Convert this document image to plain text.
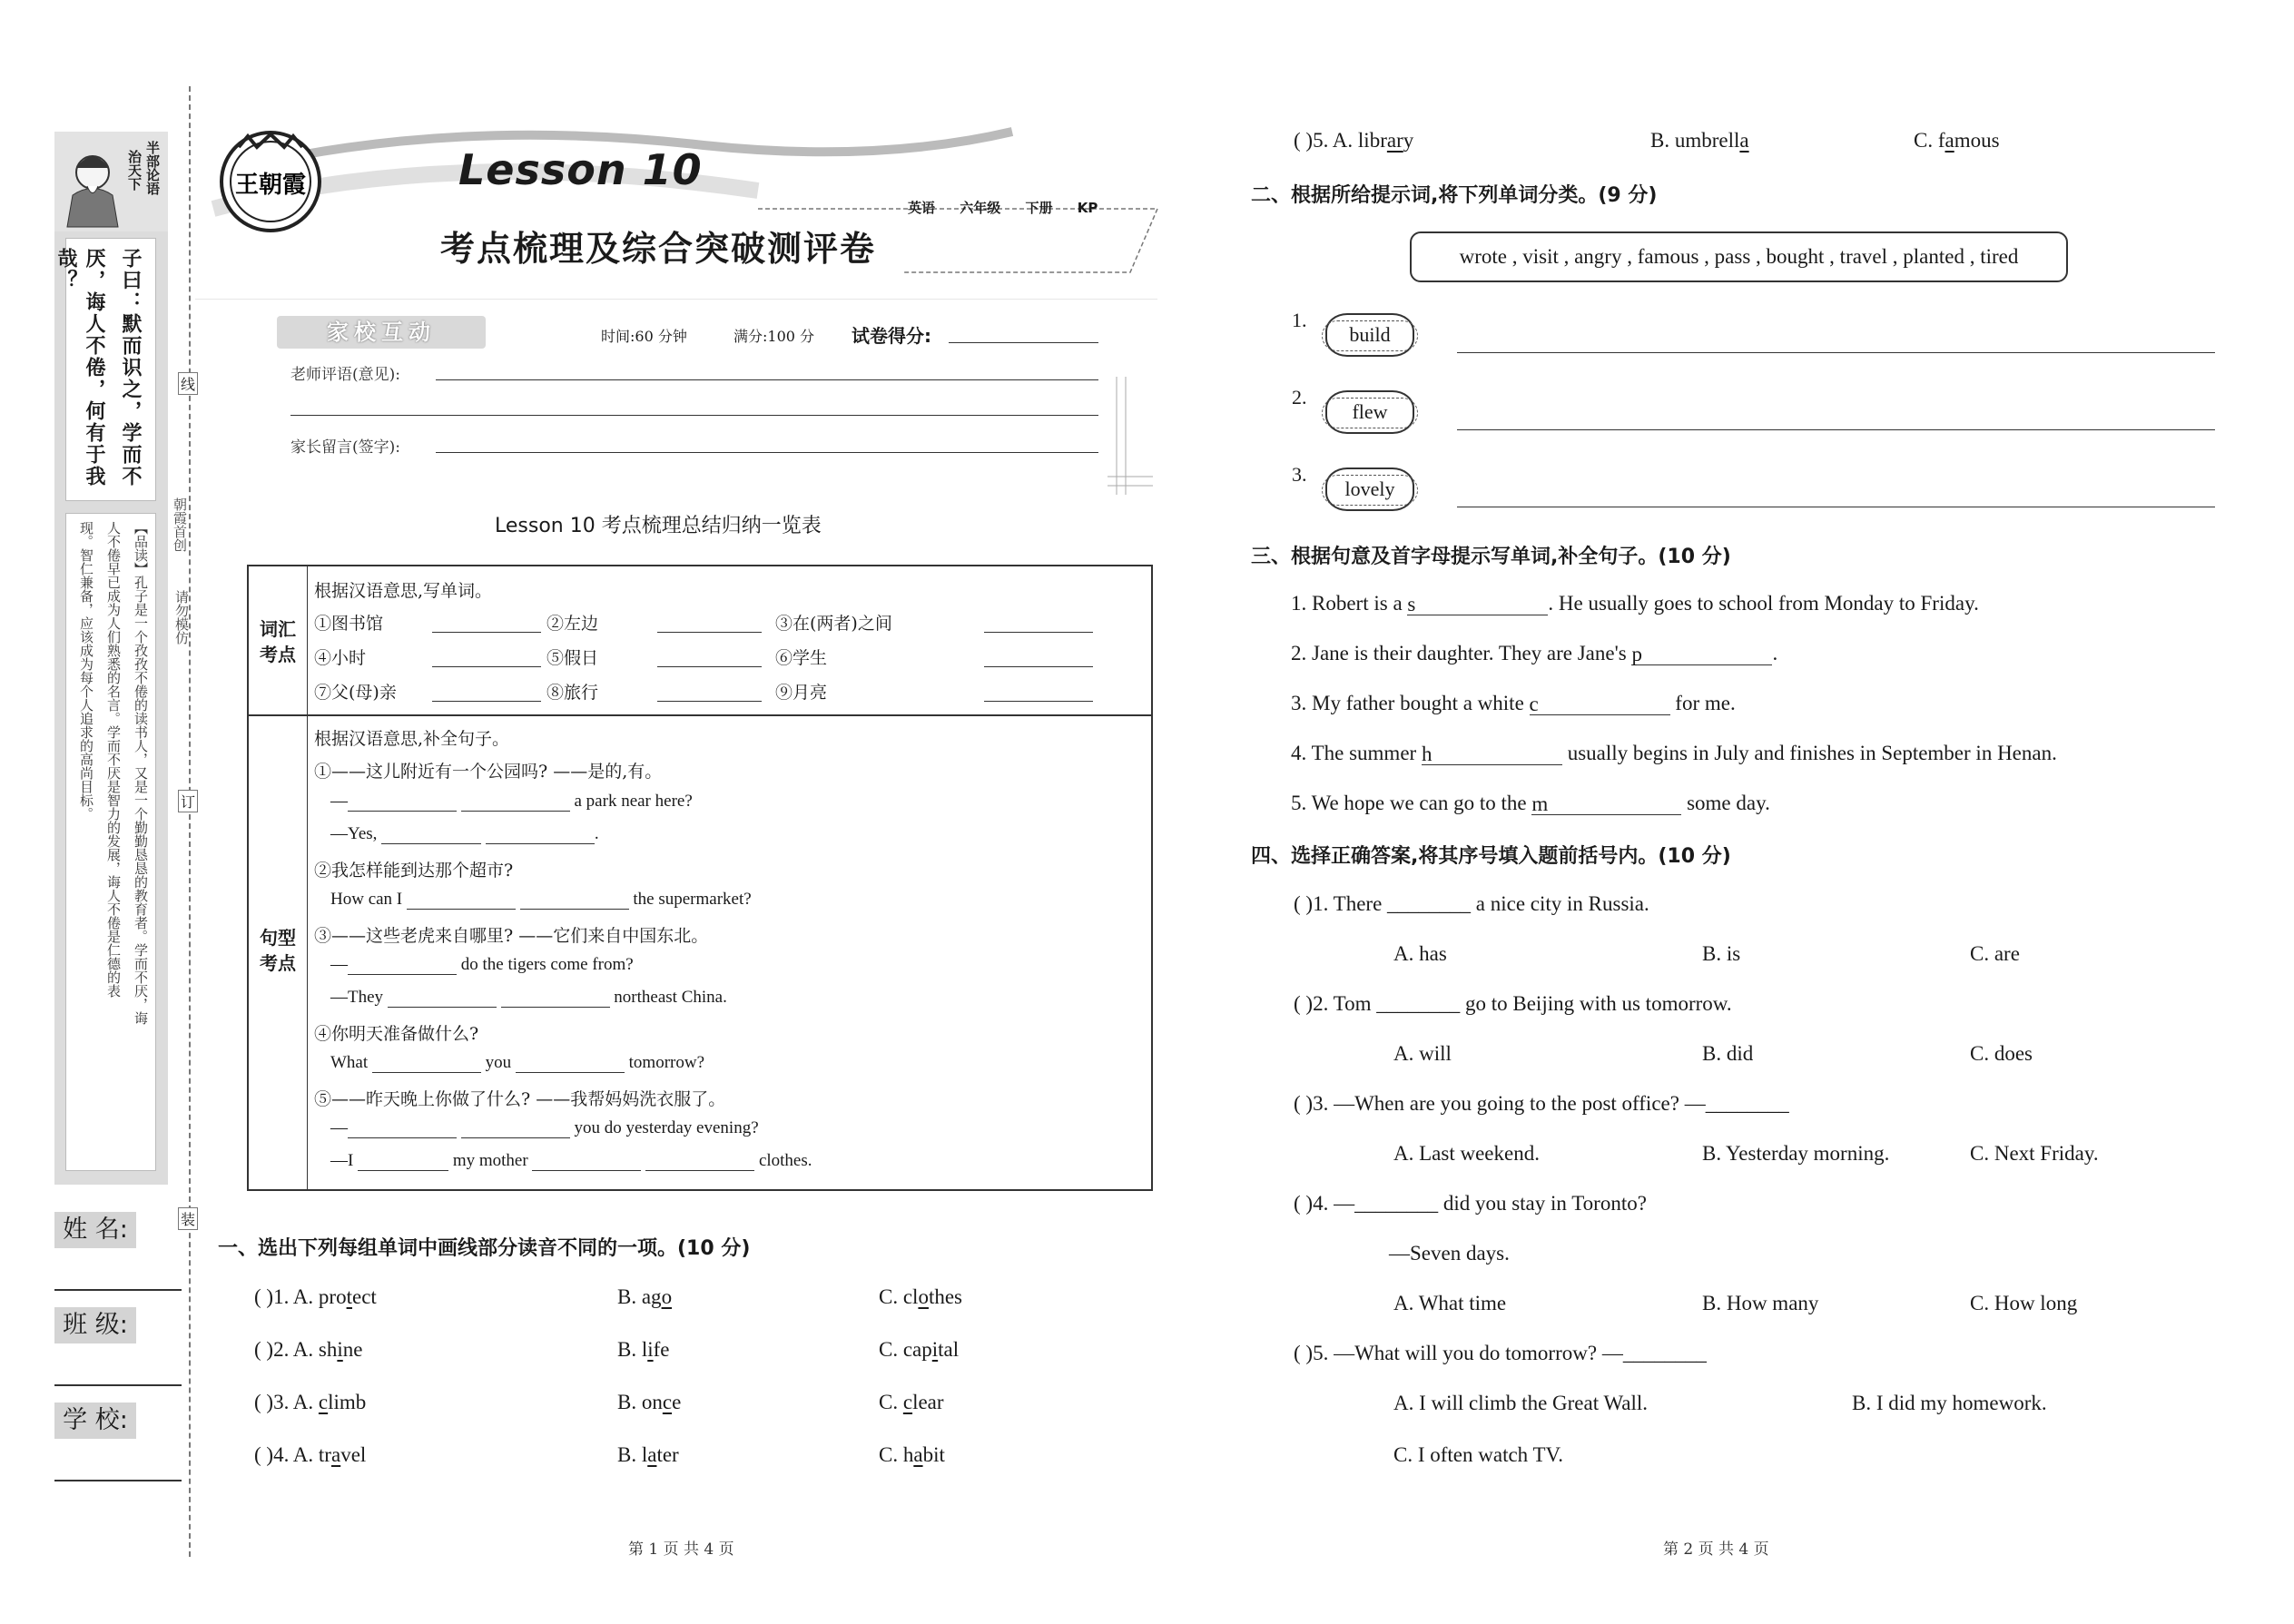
半部论语
治天下
子曰：默而识之，学而不
厌，诲人不倦，何有于我哉？
【品读】孔子是一个孜孜不倦的读书人，又是一个勤勤恳恳的教育者。学而不厌，诲
人不倦早已成为人们熟悉的名言。学而不厌是智力的发展，诲人不倦是仁德的表
现。智仁兼备，应该成为每个人追求的高尚目标。
线
订
装
朝霞首创
请勿模仿
姓 名:
班 级:
学 校:
王朝霞	Lesson 10
考点梳理及综合突破测评卷
英语 六年级 下册 KP
家校互动	时间:60 分钟	满分:100 分 试卷得分:
老师评语(意见):
家长留言(签字):
Lesson 10 考点梳理总结归纳一览表
词汇
考点
句型
考点
根据汉语意思,写单词。
①图书馆	②左边	③在(两者)之间
④小时	⑤假日	⑥学生
⑦父(母)亲	⑧旅行	⑨月亮
根据汉语意思,补全句子。
①——这儿附近有一个公园吗? ——是的,有。
—	a park near here?
—Yes,	.
②我怎样能到达那个超市?
How can I	the supermarket?
③——这些老虎来自哪里? ——它们来自中国东北。
—	do the tigers come from?
—They	northeast China.
④你明天准备做什么?
What	you	tomorrow?
⑤——昨天晚上你做了什么? ——我帮妈妈洗衣服了。
—	you do yesterday evening?
—I	my mother	clothes.
一、选出下列每组单词中画线部分读音不同的一项。(10 分)
( )1. A. protect	B. ago	C. clothes
( )2. A. shine	B. life	C. capital
( )3. A. climb	B. once	C. clear
( )4. A. travel	B. later	C. habit
第 1 页 共 4 页
( )5. A. library	B. umbrella	C. famous
二、根据所给提示词,将下列单词分类。(9 分)
wrote , visit , angry , famous , pass , bought , travel , planted , tired
1.
build
2.
flew
3.
lovely
三、根据句意及首字母提示写单词,补全句子。(10 分)
1. Robert is a s	. He usually goes to school from Monday to Friday.
2. Jane is their daughter. They are Jane's p	.
3. My father bought a white c	for me.
4. The summer h	usually begins in July and finishes in September in Henan.
5. We hope we can go to the m	some day.
四、选择正确答案,将其序号填入题前括号内。(10 分)
( )1. There ________ a nice city in Russia.
A. has	B. is	C. are
( )2. Tom ________ go to Beijing with us tomorrow.
A. will	B. did	C. does
( )3. —When are you going to the post office? —________
A. Last weekend.	B. Yesterday morning.	C. Next Friday.
( )4. —________ did you stay in Toronto?
—Seven days.
A. What time	B. How many	C. How long
( )5. —What will you do tomorrow? —________
A. I will climb the Great Wall.	B. I did my homework.
C. I often watch TV.
第 2 页 共 4 页
